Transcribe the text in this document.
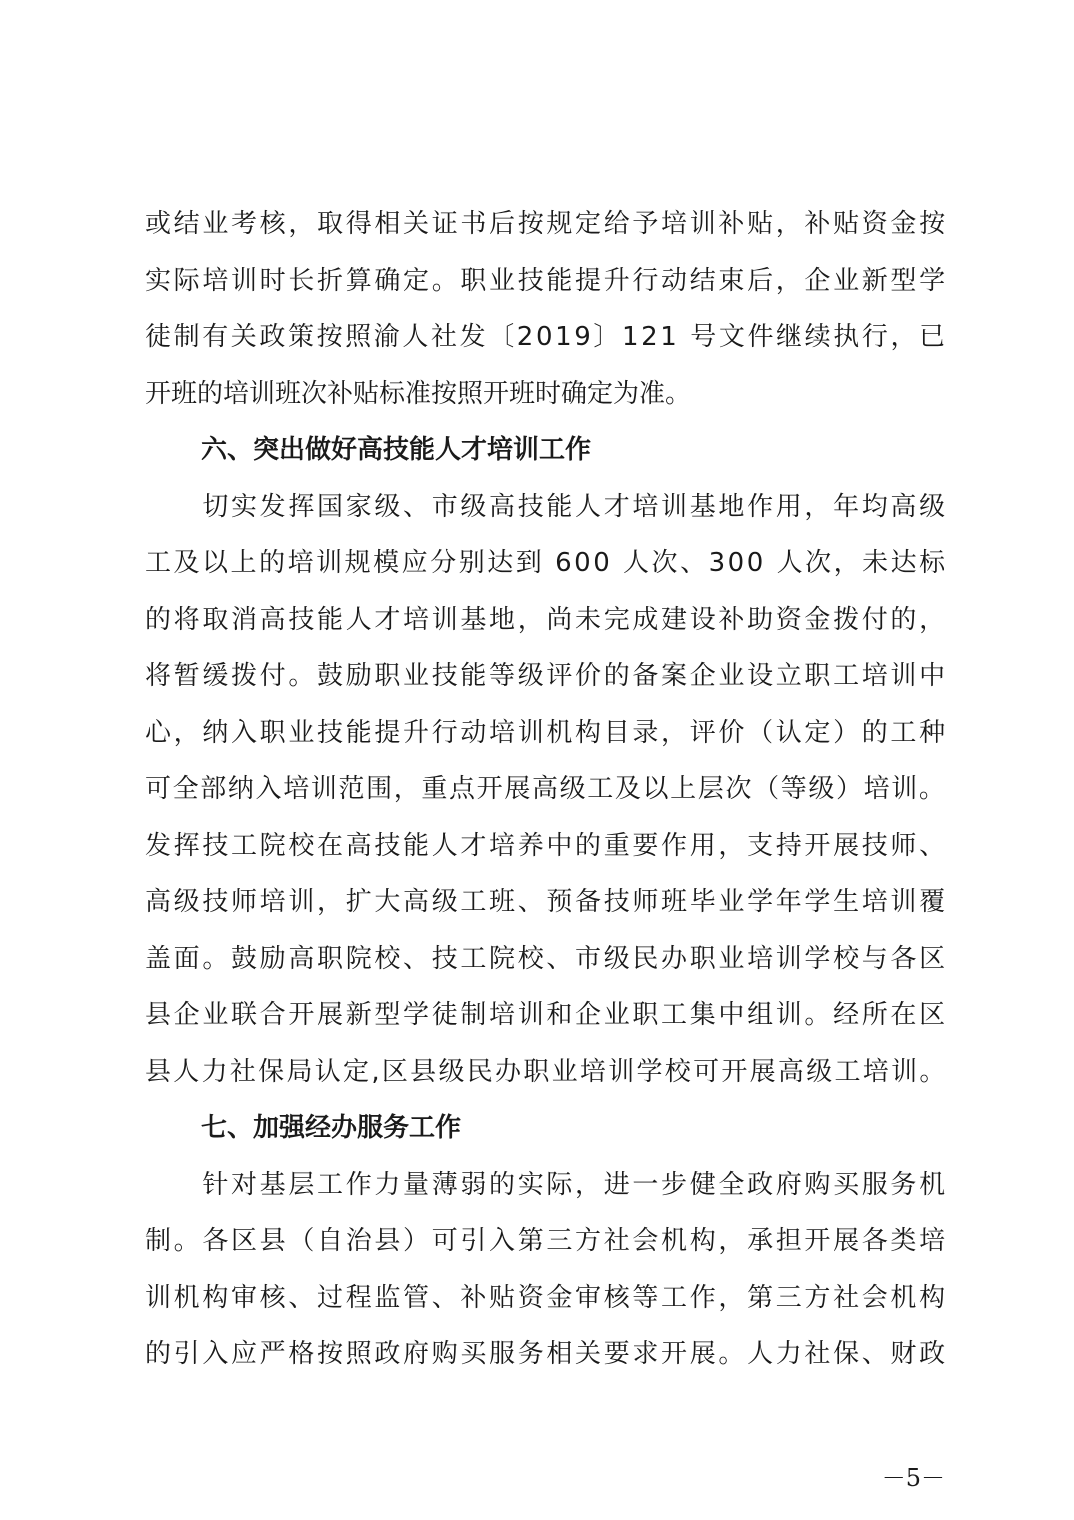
或结业考核，取得相关证书后按规定给予培训补贴，补贴资金按
实际培训时长折算确定。职业技能提升行动结束后，企业新型学
徒制有关政策按照渝人社发〔2019〕121 号文件继续执行，已
开班的培训班次补贴标准按照开班时确定为准。
六、突出做好高技能人才培训工作
　　切实发挥国家级、市级高技能人才培训基地作用，年均高级
工及以上的培训规模应分别达到 600 人次、300 人次，未达标
的将取消高技能人才培训基地，尚未完成建设补助资金拨付的，
将暂缓拨付。鼓励职业技能等级评价的备案企业设立职工培训中
心，纳入职业技能提升行动培训机构目录，评价（认定）的工种
可全部纳入培训范围，重点开展高级工及以上层次（等级）培训。
发挥技工院校在高技能人才培养中的重要作用，支持开展技师、
高级技师培训，扩大高级工班、预备技师班毕业学年学生培训覆
盖面。鼓励高职院校、技工院校、市级民办职业培训学校与各区
县企业联合开展新型学徒制培训和企业职工集中组训。经所在区
县人力社保局认定,区县级民办职业培训学校可开展高级工培训。
七、加强经办服务工作
　　针对基层工作力量薄弱的实际，进一步健全政府购买服务机
制。各区县（自治县）可引入第三方社会机构，承担开展各类培
训机构审核、过程监管、补贴资金审核等工作，第三方社会机构
的引入应严格按照政府购买服务相关要求开展。人力社保、财政
－5－
